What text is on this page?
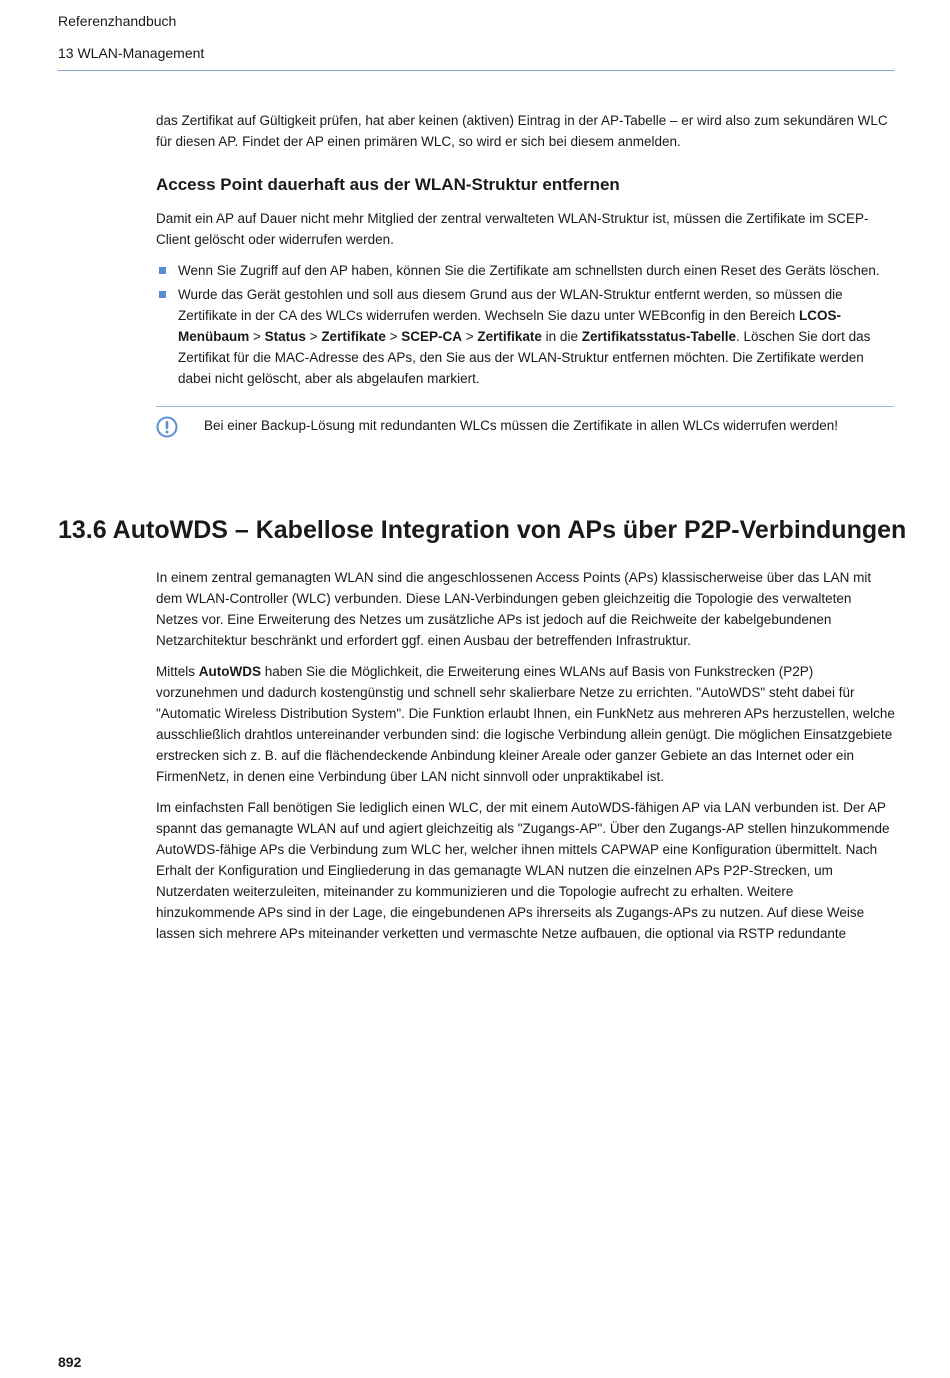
Referenzhandbuch
13 WLAN-Management

das Zertifikat auf Gültigkeit prüfen, hat aber keinen (aktiven) Eintrag in der AP-Tabelle – er wird also zum sekundären WLC für diesen AP. Findet der AP einen primären WLC, so wird er sich bei diesem anmelden.

Access Point dauerhaft aus der WLAN-Struktur entfernen

Damit ein AP auf Dauer nicht mehr Mitglied der zentral verwalteten WLAN-Struktur ist, müssen die Zertifikate im SCEP-Client gelöscht oder widerrufen werden.

Wenn Sie Zugriff auf den AP haben, können Sie die Zertifikate am schnellsten durch einen Reset des Geräts löschen.
Wurde das Gerät gestohlen und soll aus diesem Grund aus der WLAN-Struktur entfernt werden, so müssen die Zertifikate in der CA des WLCs widerrufen werden. Wechseln Sie dazu unter WEBconfig in den Bereich LCOS-Menübaum > Status > Zertifikate > SCEP-CA > Zertifikate in die Zertifikatsstatus-Tabelle. Löschen Sie dort das Zertifikat für die MAC-Adresse des APs, den Sie aus der WLAN-Struktur entfernen möchten. Die Zertifikate werden dabei nicht gelöscht, aber als abgelaufen markiert.
Bei einer Backup-Lösung mit redundanten WLCs müssen die Zertifikate in allen WLCs widerrufen werden!
13.6 AutoWDS – Kabellose Integration von APs über P2P-Verbindungen

In einem zentral gemanagten WLAN sind die angeschlossenen Access Points (APs) klassischerweise über das LAN mit dem WLAN-Controller (WLC) verbunden. Diese LAN-Verbindungen geben gleichzeitig die Topologie des verwalteten Netzes vor. Eine Erweiterung des Netzes um zusätzliche APs ist jedoch auf die Reichweite der kabelgebundenen Netzarchitektur beschränkt und erfordert ggf. einen Ausbau der betreffenden Infrastruktur.

Mittels AutoWDS haben Sie die Möglichkeit, die Erweiterung eines WLANs auf Basis von Funkstrecken (P2P) vorzunehmen und dadurch kostengünstig und schnell sehr skalierbare Netze zu errichten. "AutoWDS" steht dabei für "Automatic Wireless Distribution System". Die Funktion erlaubt Ihnen, ein FunkNetz aus mehreren APs herzustellen, welche ausschließlich drahtlos untereinander verbunden sind: die logische Verbindung allein genügt. Die möglichen Einsatzgebiete erstrecken sich z. B. auf die flächendeckende Anbindung kleiner Areale oder ganzer Gebiete an das Internet oder ein FirmenNetz, in denen eine Verbindung über LAN nicht sinnvoll oder unpraktikabel ist.

Im einfachsten Fall benötigen Sie lediglich einen WLC, der mit einem AutoWDS-fähigen AP via LAN verbunden ist. Der AP spannt das gemanagte WLAN auf und agiert gleichzeitig als "Zugangs-AP". Über den Zugangs-AP stellen hinzukommende AutoWDS-fähige APs die Verbindung zum WLC her, welcher ihnen mittels CAPWAP eine Konfiguration übermittelt. Nach Erhalt der Konfiguration und Eingliederung in das gemanagte WLAN nutzen die einzelnen APs P2P-Strecken, um Nutzerdaten weiterzuleiten, miteinander zu kommunizieren und die Topologie aufrecht zu erhalten. Weitere hinzukommende APs sind in der Lage, die eingebundenen APs ihrerseits als Zugangs-APs zu nutzen. Auf diese Weise lassen sich mehrere APs miteinander verketten und vermaschte Netze aufbauen, die optional via RSTP redundante

892
